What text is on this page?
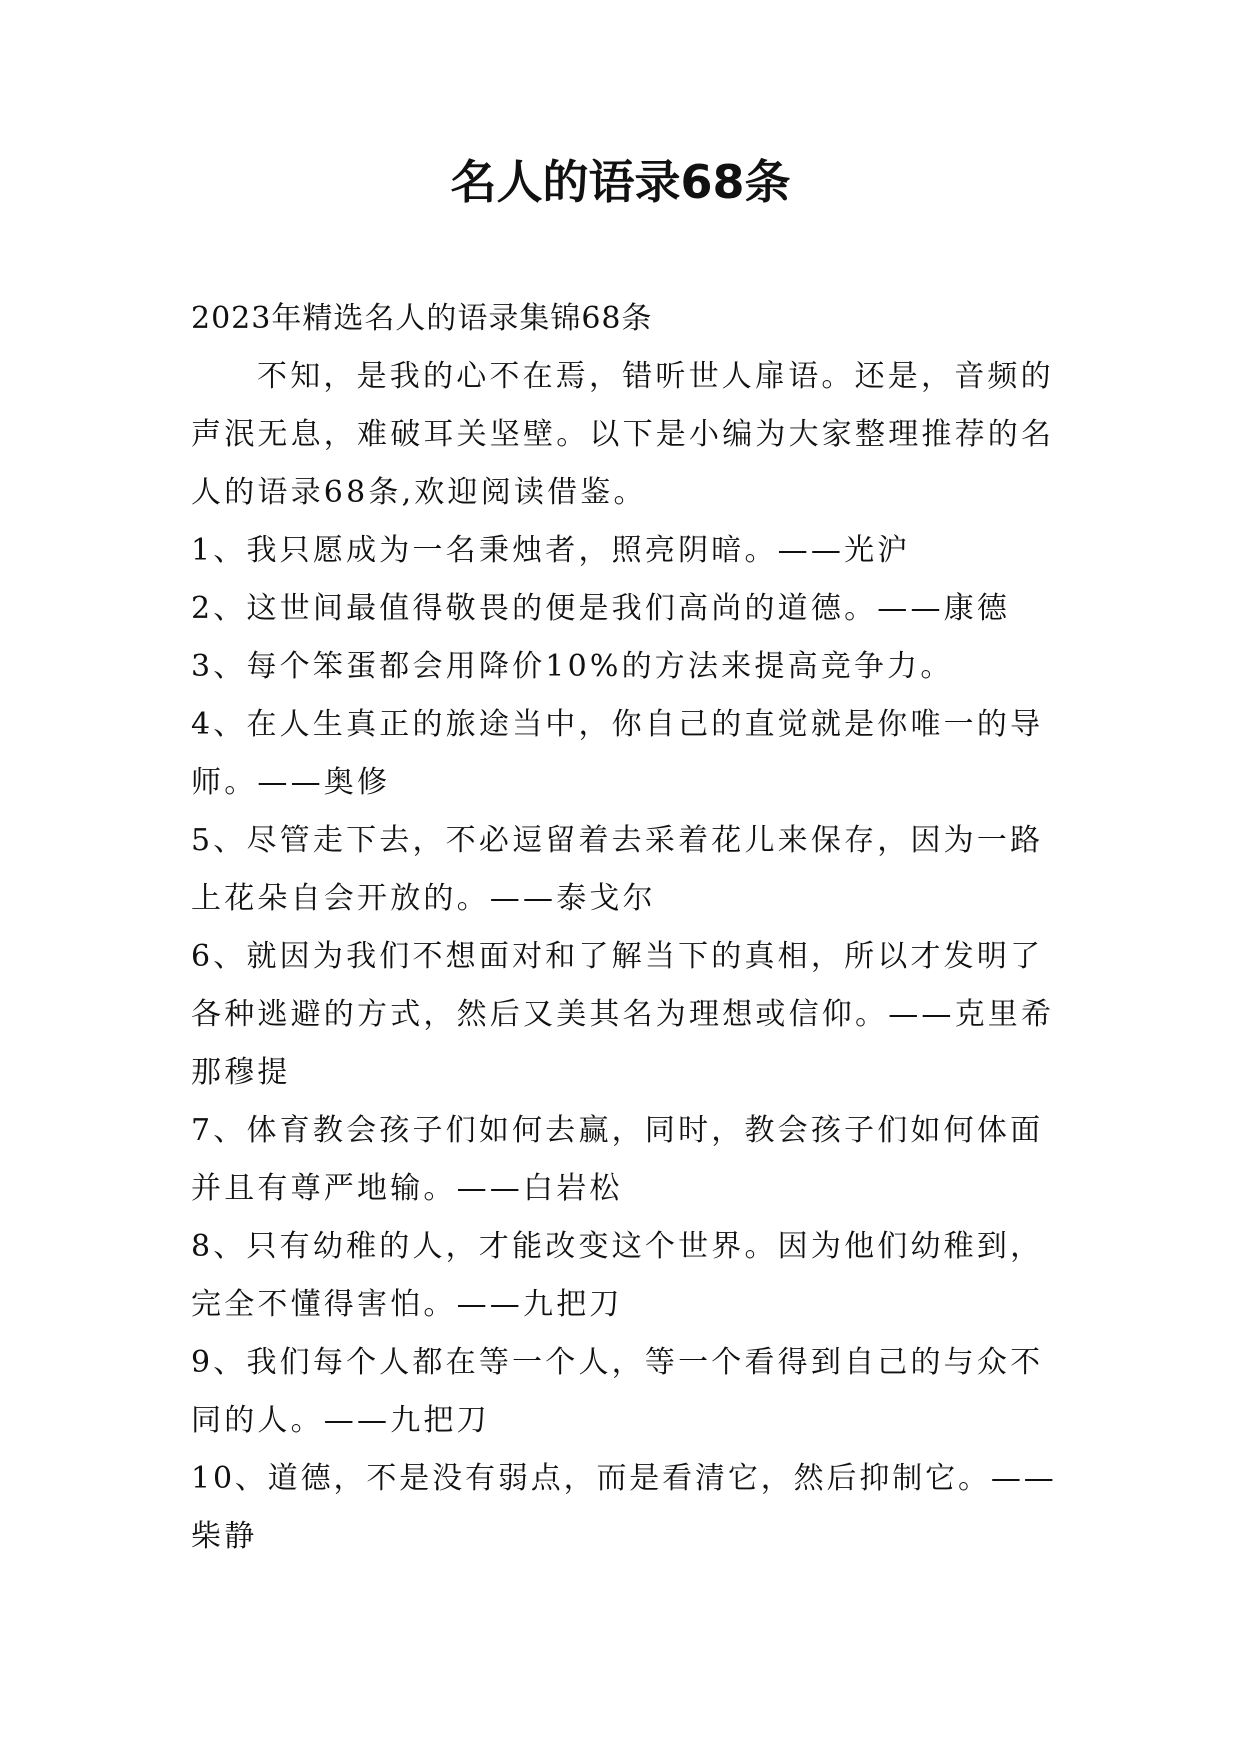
名人的语录68条
2023年精选名人的语录集锦68条
不知，是我的心不在焉，错听世人扉语。还是，音频的
声泯无息，难破耳关坚壁。以下是小编为大家整理推荐的名
人的语录68条,欢迎阅读借鉴。
1、我只愿成为一名秉烛者，照亮阴暗。——光沪
2、这世间最值得敬畏的便是我们高尚的道德。——康德
3、每个笨蛋都会用降价10%的方法来提高竞争力。
4、在人生真正的旅途当中，你自己的直觉就是你唯一的导
师。——奥修
5、尽管走下去，不必逗留着去采着花儿来保存，因为一路
上花朵自会开放的。——泰戈尔
6、就因为我们不想面对和了解当下的真相，所以才发明了
各种逃避的方式，然后又美其名为理想或信仰。——克里希
那穆提
7、体育教会孩子们如何去赢，同时，教会孩子们如何体面
并且有尊严地输。——白岩松
8、只有幼稚的人，才能改变这个世界。因为他们幼稚到，
完全不懂得害怕。——九把刀
9、我们每个人都在等一个人，等一个看得到自己的与众不
同的人。——九把刀
10、道德，不是没有弱点，而是看清它，然后抑制它。——
柴静
